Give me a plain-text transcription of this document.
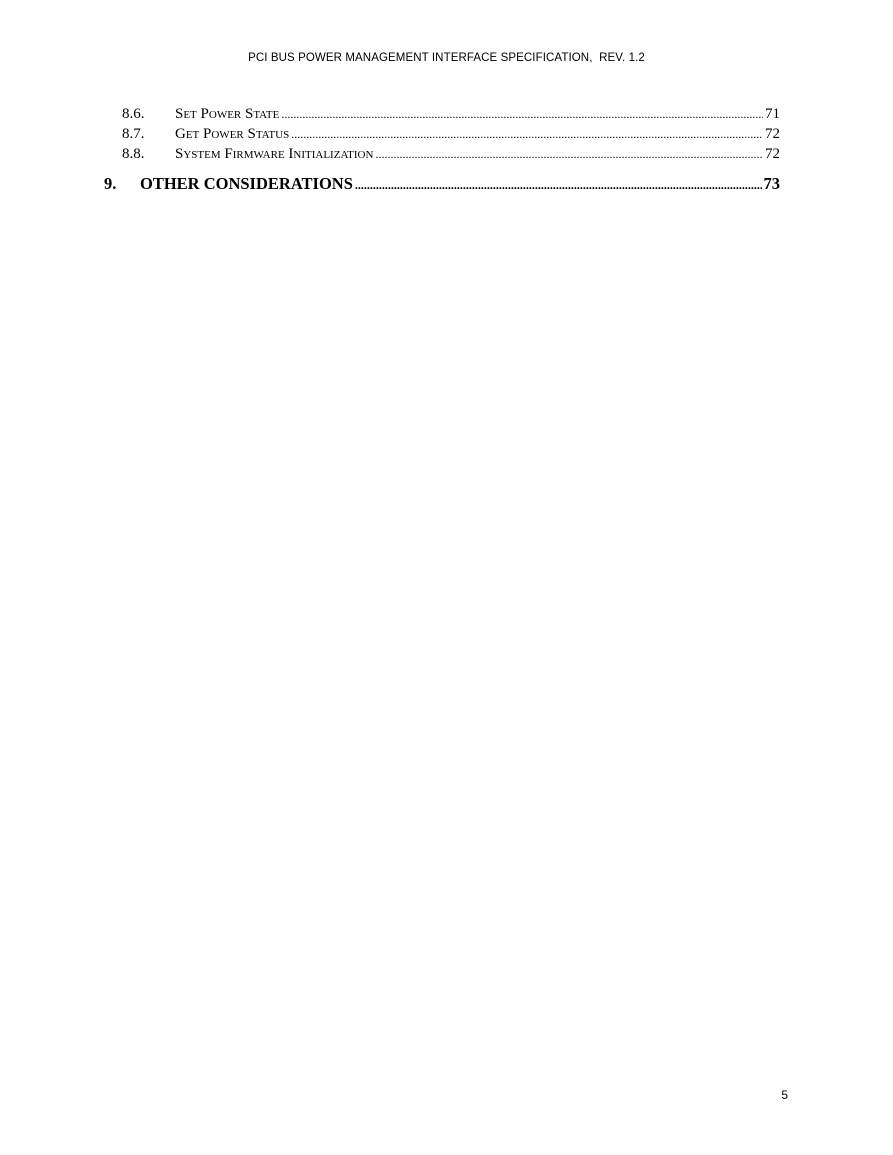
PCI BUS POWER MANAGEMENT INTERFACE SPECIFICATION,  REV. 1.2
8.6.	Set Power State .....	71
8.7.	Get Power Status .....	72
8.8.	System Firmware Initialization .....	72
9.	OTHER CONSIDERATIONS .....	73
5
